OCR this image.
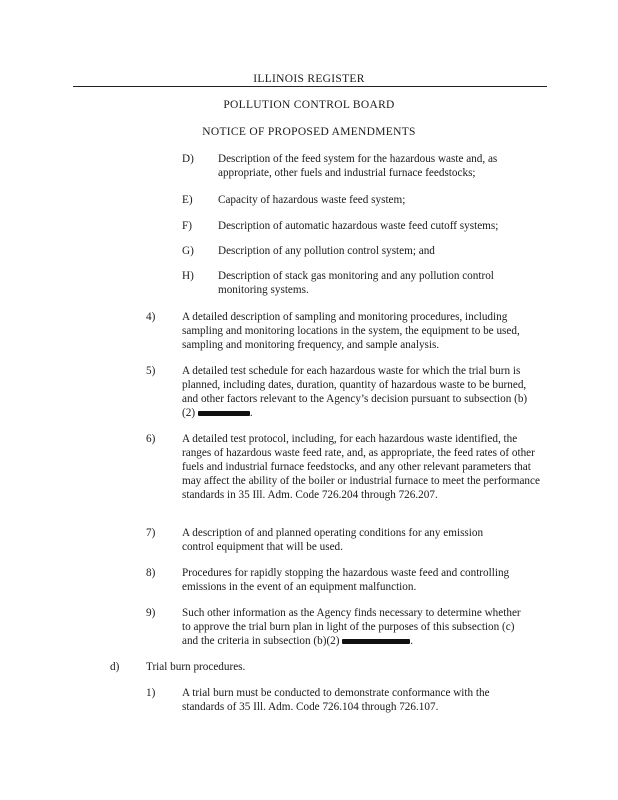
ILLINOIS REGISTER
POLLUTION CONTROL BOARD
NOTICE OF PROPOSED AMENDMENTS
D) Description of the feed system for the hazardous waste and, as appropriate, other fuels and industrial furnace feedstocks;
E) Capacity of hazardous waste feed system;
F) Description of automatic hazardous waste feed cutoff systems;
G) Description of any pollution control system; and
H) Description of stack gas monitoring and any pollution control monitoring systems.
4) A detailed description of sampling and monitoring procedures, including sampling and monitoring locations in the system, the equipment to be used, sampling and monitoring frequency, and sample analysis.
5) A detailed test schedule for each hazardous waste for which the trial burn is planned, including dates, duration, quantity of hazardous waste to be burned, and other factors relevant to the Agency’s decision pursuant to subsection (b)(2)	.
6) A detailed test protocol, including, for each hazardous waste identified, the ranges of hazardous waste feed rate, and, as appropriate, the feed rates of other fuels and industrial furnace feedstocks, and any other relevant parameters that may affect the ability of the boiler or industrial furnace to meet the performance standards in 35 Ill. Adm. Code 726.204 through 726.207.
7) A description of and planned operating conditions for any emission control equipment that will be used.
8) Procedures for rapidly stopping the hazardous waste feed and controlling emissions in the event of an equipment malfunction.
9) Such other information as the Agency finds necessary to determine whether to approve the trial burn plan in light of the purposes of this subsection (c) and the criteria in subsection (b)(2)	.
d) Trial burn procedures.
1) A trial burn must be conducted to demonstrate conformance with the standards of 35 Ill. Adm. Code 726.104 through 726.107.
